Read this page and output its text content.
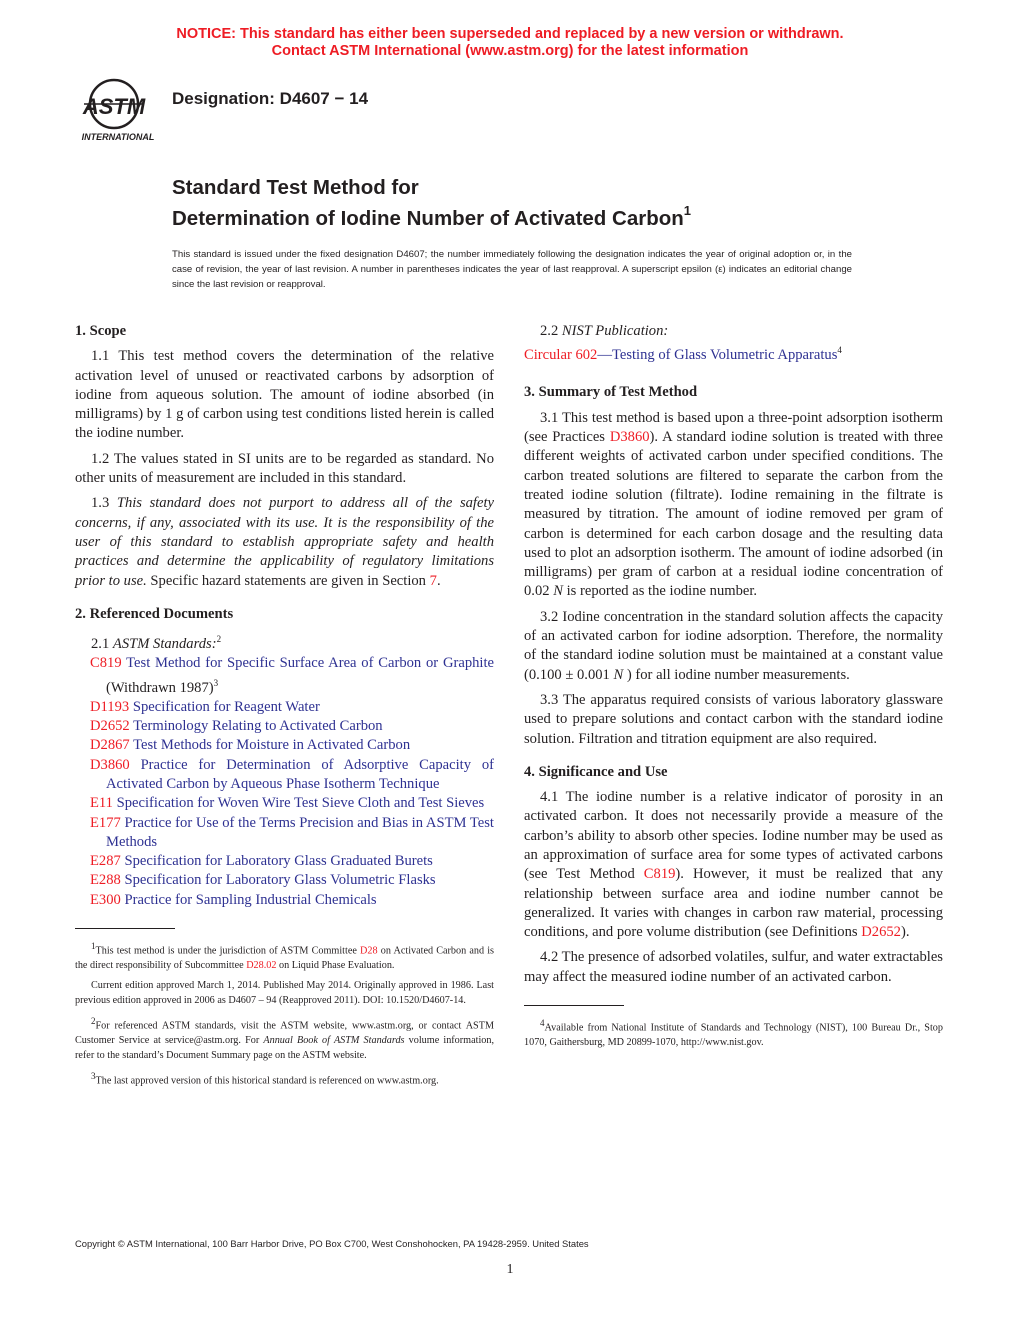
NOTICE: This standard has either been superseded and replaced by a new version or withdrawn.
Contact ASTM International (www.astm.org) for the latest information
ASTM
INTERNATIONAL
Designation: D4607 − 14
Standard Test Method for
Determination of Iodine Number of Activated Carbon$^1$
This standard is issued under the fixed designation D4607; the number immediately following the designation indicates the year of original adoption or, in the case of revision, the year of last revision. A number in parentheses indicates the year of last reapproval. A superscript epsilon (ε) indicates an editorial change since the last revision or reapproval.
1. Scope

1.1 This test method covers the determination of the relative activation level of unused or reactivated carbons by adsorption of iodine from aqueous solution. The amount of iodine absorbed (in milligrams) by 1 g of carbon using test conditions listed herein is called the iodine number.

1.2 The values stated in SI units are to be regarded as standard. No other units of measurement are included in this standard.

1.3 This standard does not purport to address all of the safety concerns, if any, associated with its use. It is the responsibility of the user of this standard to establish appropriate safety and health practices and determine the applicability of regulatory limitations prior to use. Specific hazard statements are given in Section 7.

2. Referenced Documents

2.1 ASTM Standards:$^2$

C819 Test Method for Specific Surface Area of Carbon or Graphite (Withdrawn 1987)$^3$
D1193 Specification for Reagent Water
D2652 Terminology Relating to Activated Carbon
D2867 Test Methods for Moisture in Activated Carbon
D3860 Practice for Determination of Adsorptive Capacity of Activated Carbon by Aqueous Phase Isotherm Technique
E11 Specification for Woven Wire Test Sieve Cloth and Test Sieves
E177 Practice for Use of the Terms Precision and Bias in ASTM Test Methods
E287 Specification for Laboratory Glass Graduated Burets
E288 Specification for Laboratory Glass Volumetric Flasks
E300 Practice for Sampling Industrial Chemicals

$^1$This test method is under the jurisdiction of ASTM Committee D28 on Activated Carbon and is the direct responsibility of Subcommittee D28.02 on Liquid Phase Evaluation.

Current edition approved March 1, 2014. Published May 2014. Originally approved in 1986. Last previous edition approved in 2006 as D4607 – 94 (Reapproved 2011). DOI: 10.1520/D4607-14.

$^2$For referenced ASTM standards, visit the ASTM website, www.astm.org, or contact ASTM Customer Service at service@astm.org. For Annual Book of ASTM Standards volume information, refer to the standard’s Document Summary page on the ASTM website.

$^3$The last approved version of this historical standard is referenced on www.astm.org.

2.2 NIST Publication:

Circular 602—Testing of Glass Volumetric Apparatus$^4$
3. Summary of Test Method

3.1 This test method is based upon a three-point adsorption isotherm (see Practices D3860). A standard iodine solution is treated with three different weights of activated carbon under specified conditions. The carbon treated solutions are filtered to separate the carbon from the treated iodine solution (filtrate). Iodine remaining in the filtrate is measured by titration. The amount of iodine removed per gram of carbon is determined for each carbon dosage and the resulting data used to plot an adsorption isotherm. The amount of iodine adsorbed (in milligrams) per gram of carbon at a residual iodine concentration of 0.02 N is reported as the iodine number.

3.2 Iodine concentration in the standard solution affects the capacity of an activated carbon for iodine adsorption. Therefore, the normality of the standard iodine solution must be maintained at a constant value (0.100 ± 0.001 N ) for all iodine number measurements.

3.3 The apparatus required consists of various laboratory glassware used to prepare solutions and contact carbon with the standard iodine solution. Filtration and titration equipment are also required.

4. Significance and Use

4.1 The iodine number is a relative indicator of porosity in an activated carbon. It does not necessarily provide a measure of the carbon’s ability to absorb other species. Iodine number may be used as an approximation of surface area for some types of activated carbons (see Test Method C819). However, it must be realized that any relationship between surface area and iodine number cannot be generalized. It varies with changes in carbon raw material, processing conditions, and pore volume distribution (see Definitions D2652).

4.2 The presence of adsorbed volatiles, sulfur, and water extractables may affect the measured iodine number of an activated carbon.

$^4$Available from National Institute of Standards and Technology (NIST), 100 Bureau Dr., Stop 1070, Gaithersburg, MD 20899-1070, http://www.nist.gov.

Copyright © ASTM International, 100 Barr Harbor Drive, PO Box C700, West Conshohocken, PA 19428-2959. United States
1
